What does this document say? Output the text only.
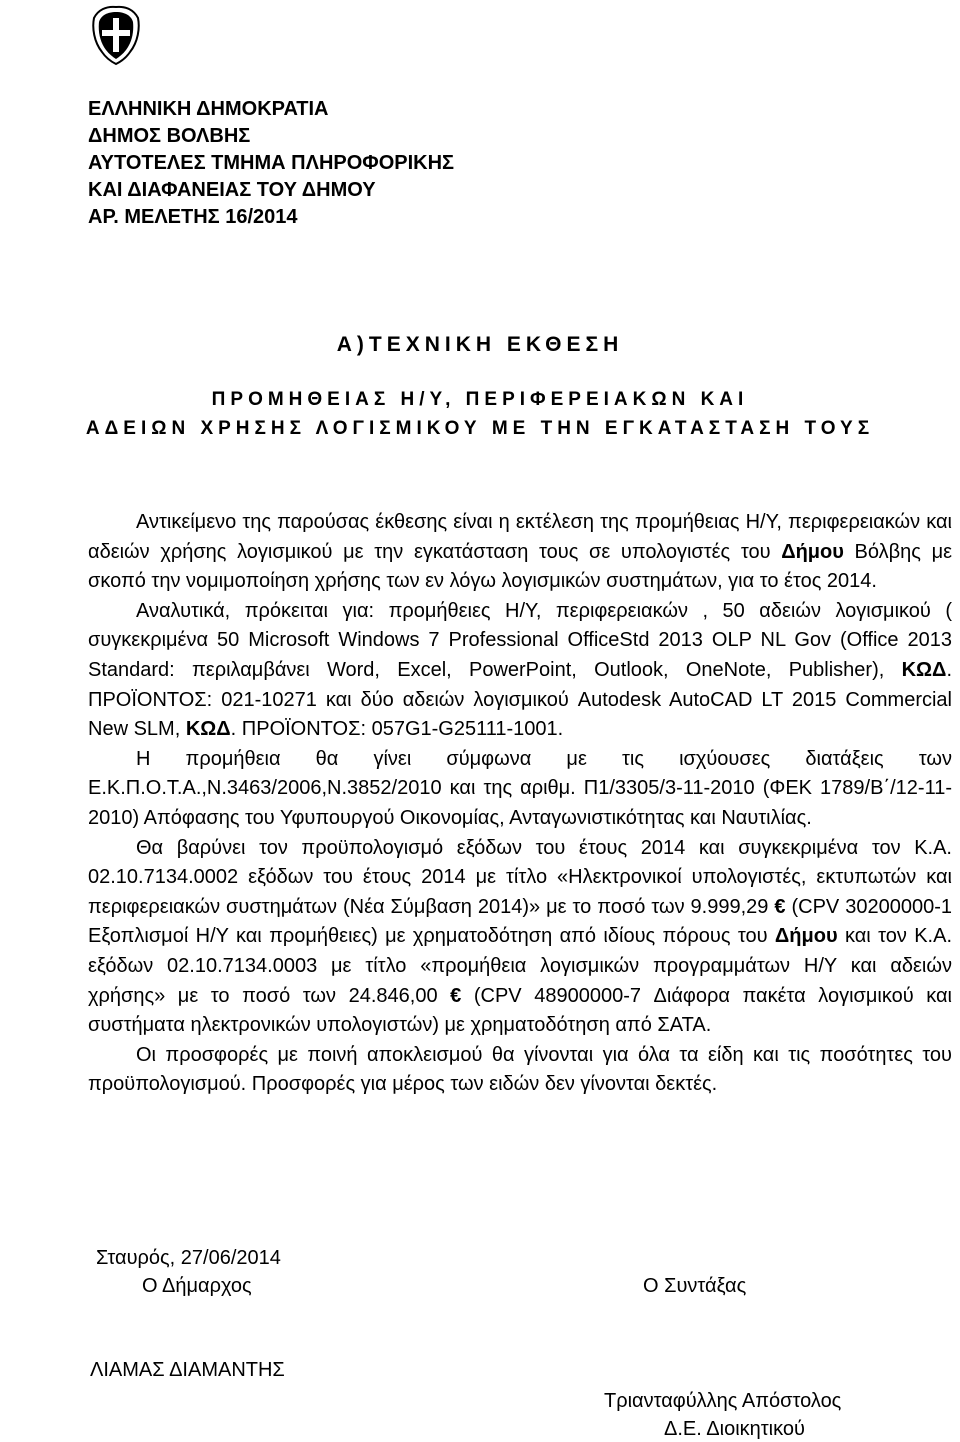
ΕΛΛΗΝΙΚΗ ΔΗΜΟΚΡΑΤΙΑ
ΔΗΜΟΣ ΒΟΛΒΗΣ
ΑΥΤΟΤΕΛΕΣ ΤΜΗΜΑ ΠΛΗΡΟΦΟΡΙΚΗΣ
ΚΑΙ ΔΙΑΦΑΝΕΙΑΣ ΤΟΥ ΔΗΜΟΥ
ΑΡ. ΜΕΛΕΤΗΣ 16/2014
Α)ΤΕΧΝΙΚΗ ΕΚΘΕΣΗ
ΠΡΟΜΗΘΕΙΑΣ Η/Υ, ΠΕΡΙΦΕΡΕΙΑΚΩΝ ΚΑΙ
ΑΔΕΙΩΝ ΧΡΗΣΗΣ ΛΟΓΙΣΜΙΚΟΥ ΜΕ ΤΗΝ ΕΓΚΑΤΑΣΤΑΣΗ ΤΟΥΣ

Αντικείμενο της παρούσας έκθεσης είναι η εκτέλεση της προμήθειας Η/Υ, περιφερειακών και αδειών χρήσης λογισμικού με την εγκατάσταση τους σε υπολογιστές του Δήμου Βόλβης με σκοπό την νομιμοποίηση χρήσης των εν λόγω λογισμικών συστημάτων, για το έτος 2014.

Αναλυτικά, πρόκειται για: προμήθειες Η/Υ, περιφερειακών , 50 αδειών λογισμικού ( συγκεκριμένα 50 Microsoft Windows 7 Professional OfficeStd 2013 OLP NL Gov (Office 2013 Standard: περιλαμβάνει Word, Excel, PowerPoint, Outlook, OneNote, Publisher), ΚΩΔ. ΠΡΟΪΟΝΤΟΣ: 021-10271 και δύο αδειών λογισμικού Autodesk AutoCAD LT 2015 Commercial New SLM, ΚΩΔ. ΠΡΟΪΟΝΤΟΣ: 057G1-G25111-1001.

Η προμήθεια θα γίνει σύμφωνα με τις ισχύουσες διατάξεις των Ε.Κ.Π.Ο.Τ.Α.,Ν.3463/2006,Ν.3852/2010 και της αριθμ. Π1/3305/3-11-2010 (ΦΕΚ 1789/Β΄/12-11-2010) Απόφασης του Υφυπουργού Οικονομίας, Ανταγωνιστικότητας και Ναυτιλίας.

Θα βαρύνει τον προϋπολογισμό εξόδων του έτους 2014 και συγκεκριμένα τον Κ.Α. 02.10.7134.0002 εξόδων του έτους 2014 με τίτλο «Ηλεκτρονικοί υπολογιστές, εκτυπωτών και περιφερειακών συστημάτων (Νέα Σύμβαση 2014)» με το ποσό των 9.999,29 € (CPV 30200000-1 Εξοπλισμοί Η/Υ και προμήθειες) με χρηματοδότηση από ιδίους πόρους του Δήμου και τον Κ.Α. εξόδων 02.10.7134.0003 με τίτλο «προμήθεια λογισμικών προγραμμάτων Η/Υ και αδειών χρήσης» με το ποσό των 24.846,00 € (CPV 48900000-7 Διάφορα πακέτα λογισμικού και συστήματα ηλεκτρονικών υπολογιστών) με χρηματοδότηση από ΣΑΤΑ.

Οι προσφορές με ποινή αποκλεισμού θα γίνονται για όλα τα είδη και τις ποσότητες του προϋπολογισμού. Προσφορές για μέρος των ειδών δεν γίνονται δεκτές.

Σταυρός, 27/06/2014
Ο Δήμαρχος	Ο Συντάξας
ΛΙΑΜΑΣ ΔΙΑΜΑΝΤΗΣ
Τριανταφύλλης Απόστολος
Δ.Ε. Διοικητικού
